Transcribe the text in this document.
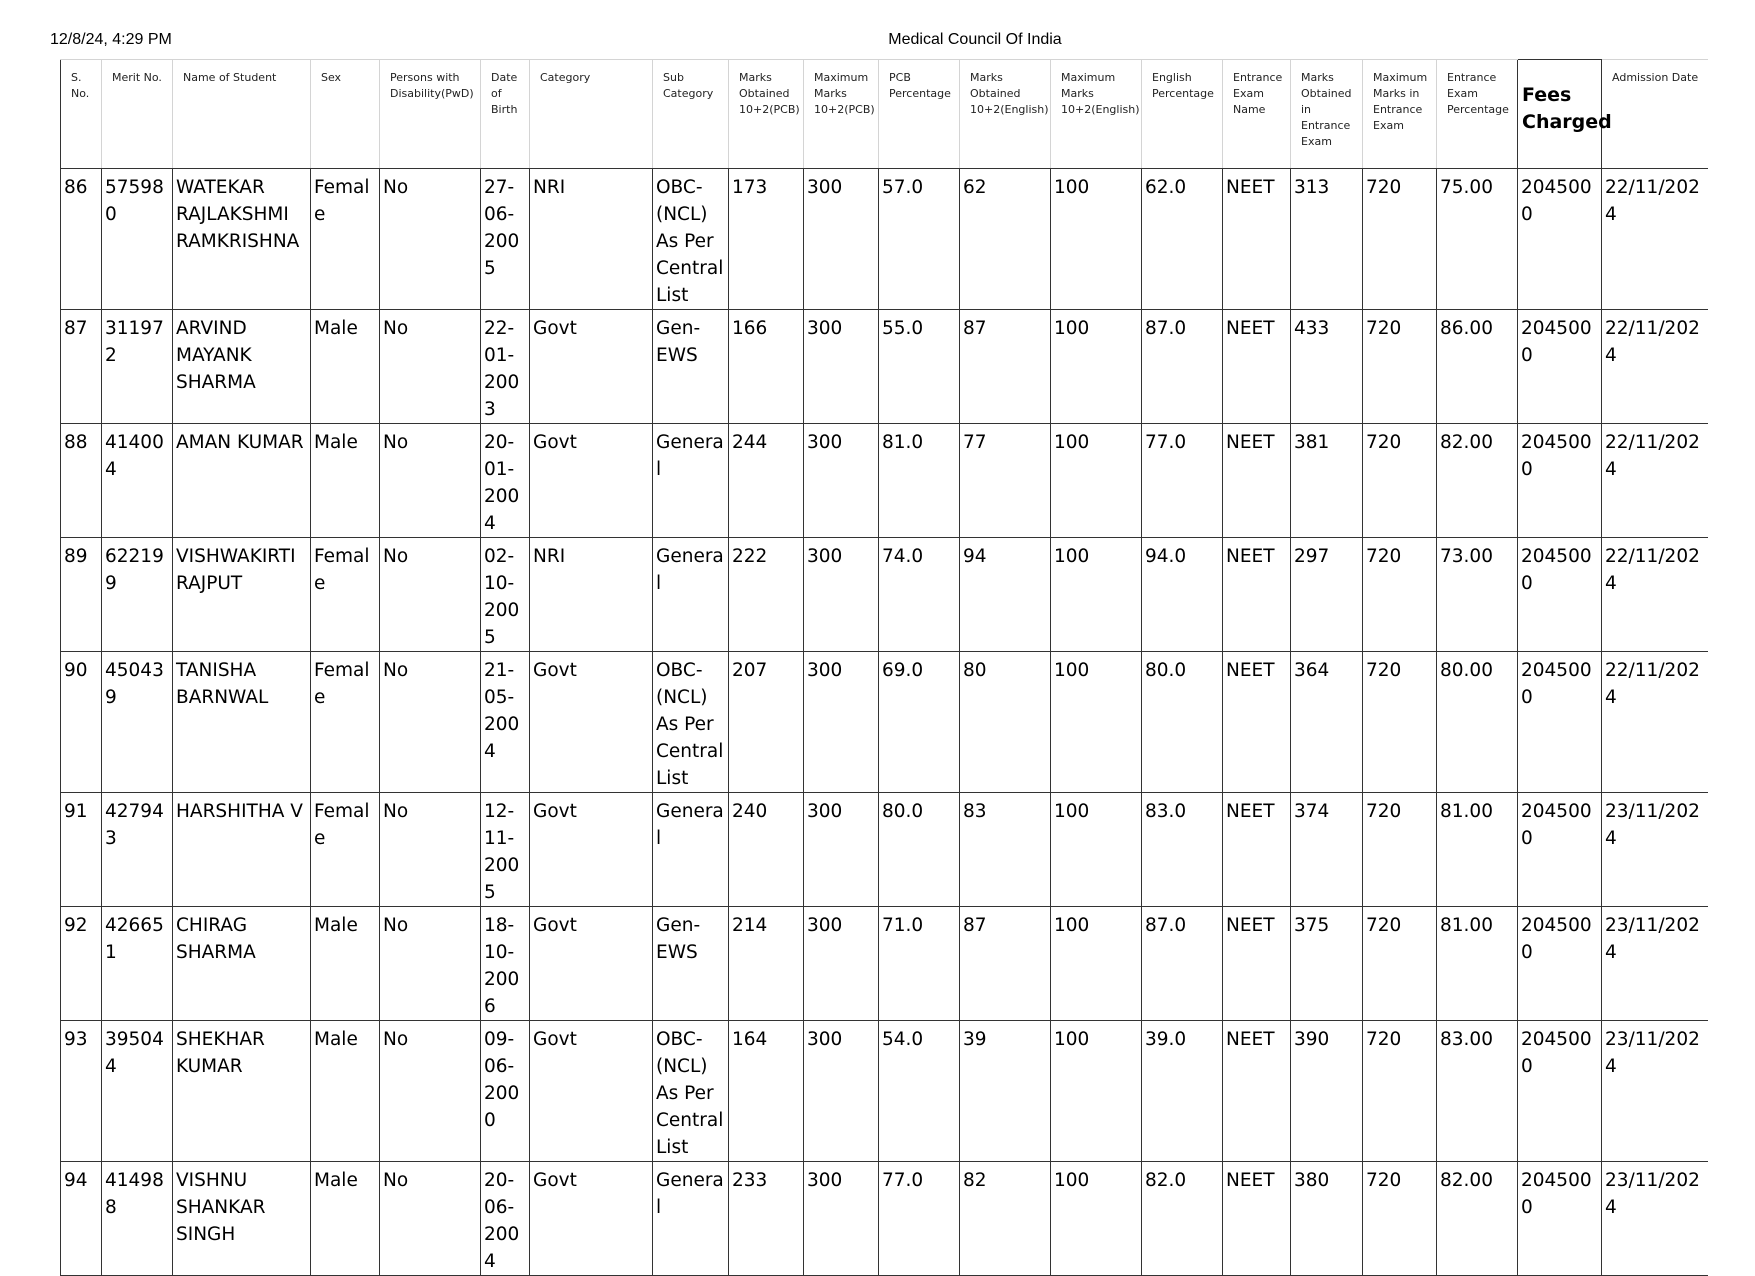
12/8/24, 4:29 PM	Medical Council Of India
S. No.	Merit No.	Name of Student	Sex	Persons with Disability(PwD)	Date of Birth	Category	Sub Category	Marks Obtained 10+2(PCB)	Maximum Marks 10+2(PCB)	PCB Percentage	Marks Obtained 10+2(English)	Maximum Marks 10+2(English)	English Percentage	Entrance Exam Name	Marks Obtained in Entrance Exam	Maximum Marks in Entrance Exam	Entrance Exam Percentage	Fees Charged	Admission Date
86	575980	WATEKAR RAJLAKSHMI RAMKRISHNA	Female	No	27-06-2005	NRI	OBC-(NCL) As Per Central List	173	300	57.0	62	100	62.0	NEET	313	720	75.00	2045000	22/11/2024
87	311972	ARVIND MAYANK SHARMA	Male	No	22-01-2003	Govt	Gen-EWS	166	300	55.0	87	100	87.0	NEET	433	720	86.00	2045000	22/11/2024
88	414004	AMAN KUMAR	Male	No	20-01-2004	Govt	General	244	300	81.0	77	100	77.0	NEET	381	720	82.00	2045000	22/11/2024
89	622199	VISHWAKIRTI RAJPUT	Female	No	02-10-2005	NRI	General	222	300	74.0	94	100	94.0	NEET	297	720	73.00	2045000	22/11/2024
90	450439	TANISHA BARNWAL	Female	No	21-05-2004	Govt	OBC-(NCL) As Per Central List	207	300	69.0	80	100	80.0	NEET	364	720	80.00	2045000	22/11/2024
91	427943	HARSHITHA V	Female	No	12-11-2005	Govt	General	240	300	80.0	83	100	83.0	NEET	374	720	81.00	2045000	23/11/2024
92	426651	CHIRAG SHARMA	Male	No	18-10-2006	Govt	Gen-EWS	214	300	71.0	87	100	87.0	NEET	375	720	81.00	2045000	23/11/2024
93	395044	SHEKHAR KUMAR	Male	No	09-06-2000	Govt	OBC-(NCL) As Per Central List	164	300	54.0	39	100	39.0	NEET	390	720	83.00	2045000	23/11/2024
94	414988	VISHNU SHANKAR SINGH	Male	No	20-06-2004	Govt	General	233	300	77.0	82	100	82.0	NEET	380	720	82.00	2045000	23/11/2024
